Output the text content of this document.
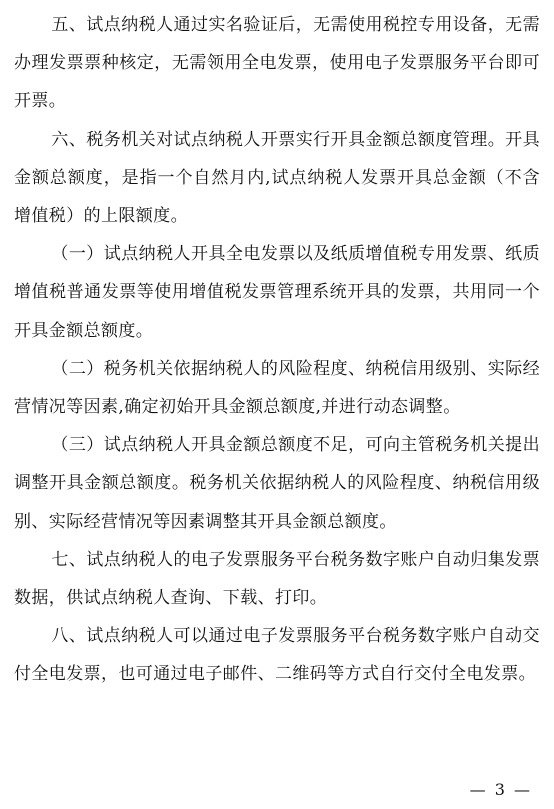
五、试点纳税人通过实名验证后，无需使用税控专用设备，无需办理发票票种核定，无需领用全电发票，使用电子发票服务平台即可开票。

六、税务机关对试点纳税人开票实行开具金额总额度管理。开具金额总额度，是指一个自然月内,试点纳税人发票开具总金额（不含增值税）的上限额度。

（一）试点纳税人开具全电发票以及纸质增值税专用发票、纸质增值税普通发票等使用增值税发票管理系统开具的发票，共用同一个开具金额总额度。

（二）税务机关依据纳税人的风险程度、纳税信用级别、实际经营情况等因素,确定初始开具金额总额度,并进行动态调整。

（三）试点纳税人开具金额总额度不足，可向主管税务机关提出调整开具金额总额度。税务机关依据纳税人的风险程度、纳税信用级别、实际经营情况等因素调整其开具金额总额度。

七、试点纳税人的电子发票服务平台税务数字账户自动归集发票数据，供试点纳税人查询、下载、打印。

八、试点纳税人可以通过电子发票服务平台税务数字账户自动交付全电发票，也可通过电子邮件、二维码等方式自行交付全电发票。

— 3 —
